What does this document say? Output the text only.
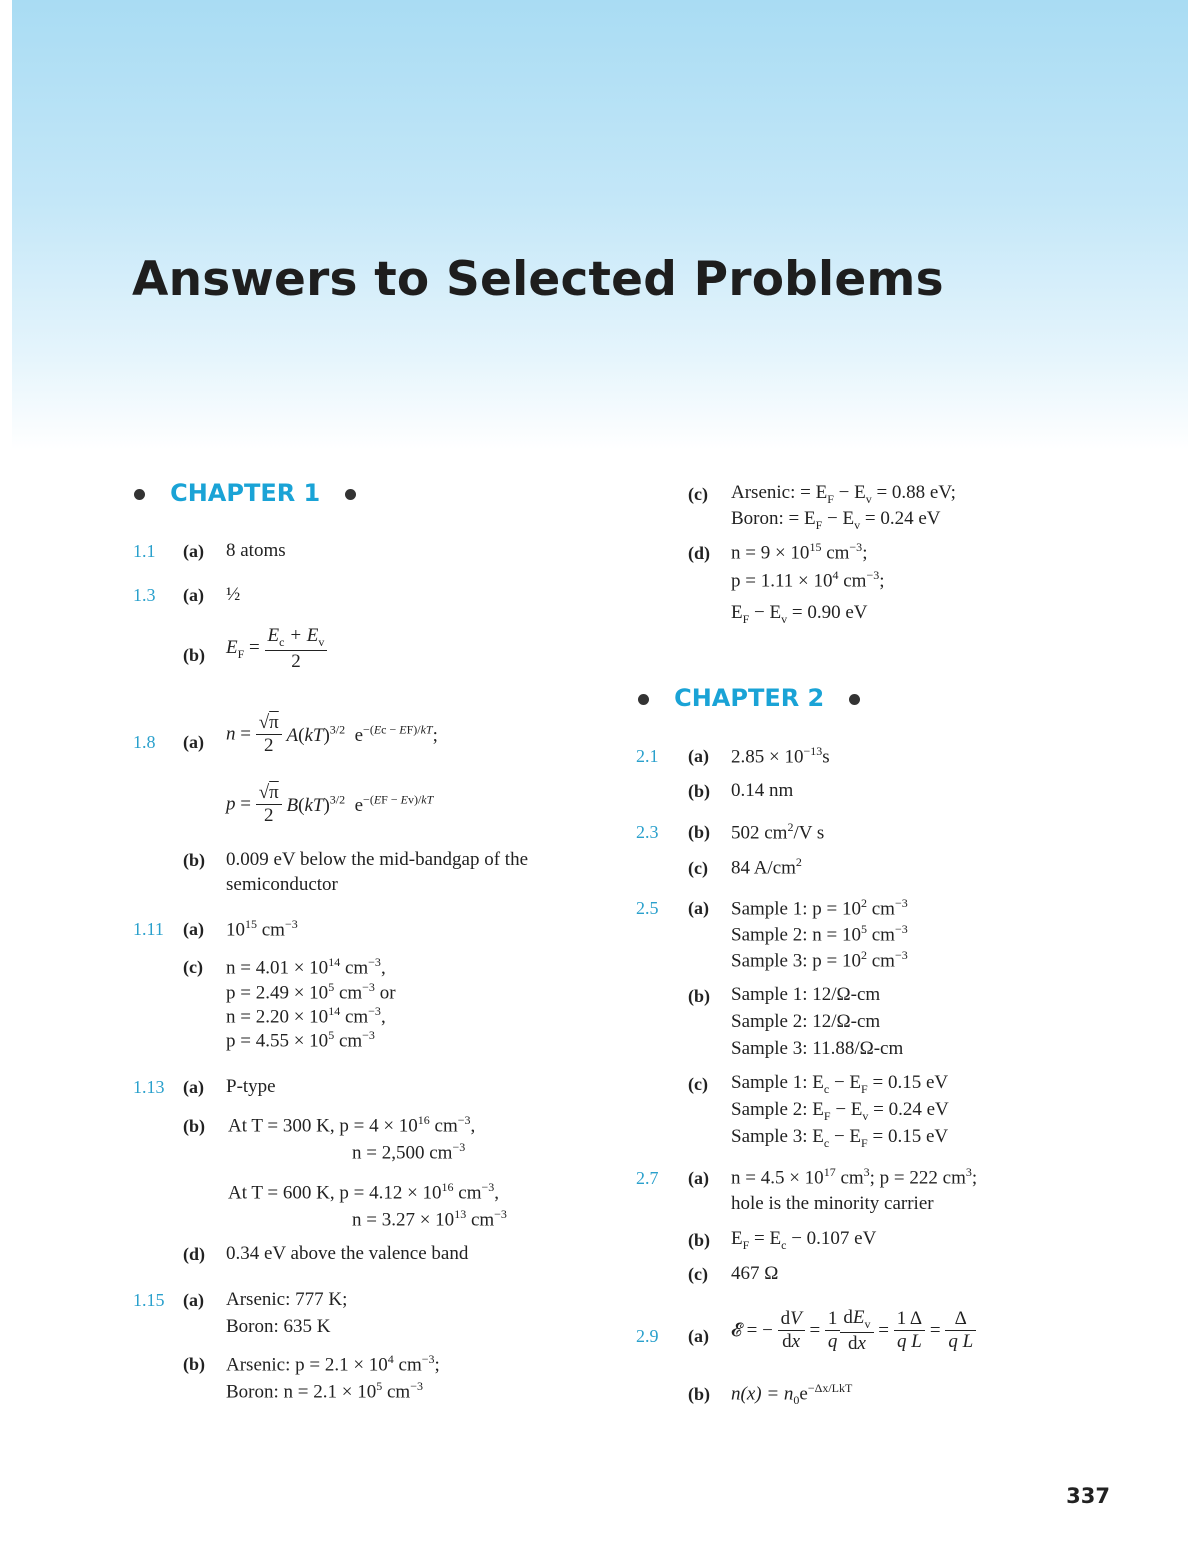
Answers to Selected Problems
CHAPTER 1
1.1 (a) 8 atoms
1.3 (a) ½
(b) $E_F = \frac{E_c + E_v}{2}$
1.8 (a) $n = \frac{√\pi}{2} A(kT)^{3/2}$  $e^{-(Ec - EF)/kT}$;
$p = \frac{√\pi}{2} B(kT)^{3/2}$  $e^{-(EF - Ev)/kT}$
(b) 0.009 eV below the mid-bandgap of the
semiconductor
1.11 (a) $10^{15}$ $cm^{-3}$
(c) $n = 4.01 \times 10^{14}$ $cm^{-3}$,
$p = 2.49 \times 10^5$ $cm^{-3}$ or
$n = 2.20 \times 10^{14}$ $cm^{-3}$,
$p = 4.55 \times 10^5$ $cm^{-3}$
1.13 (a) P-type
(b) At T = 300 K, $p = 4 \times 10^{16}$ $cm^{-3}$,
n = 2,500 $cm^{-3}$
At T = 600 K, $p = 4.12 \times 10^{16}$ $cm^{-3}$,
$n = 3.27 \times 10^{13}$ $cm^{-3}$
(d) 0.34 eV above the valence band
1.15 (a) Arsenic: 777 K;
Boron: 635 K
(b) Arsenic: $p = 2.1 \times 10^4$ $cm^{-3}$;
Boron: $n = 2.1 \times 10^5$ $cm^{-3}$
(c) Arsenic: = $E_F - E_v = 0.88$ eV;
Boron: = $E_F - E_v = 0.24$ eV
(d) $n = 9 \times 10^{15}$ $cm^{-3}$;
$p = 1.11 \times 10^4$ $cm^{-3}$;
$E_F - E_v = 0.90$ eV
CHAPTER 2
2.1 (a) $2.85 \times 10^{-13}s$
(b) 0.14 nm
2.3 (b) 502 $cm^2/V$ s
(c) 84 $A/cm^2$
2.5 (a) Sample 1: $p = 10^2$ $cm^{-3}$
Sample 2: $n = 10^5$ $cm^{-3}$
Sample 3: $p = 10^2$ $cm^{-3}$
(b) Sample 1: 12/Ω-cm
Sample 2: 12/Ω-cm
Sample 3: 11.88/Ω-cm
(c) Sample 1: $E_c - E_F = 0.15$ eV
Sample 2: $E_F - E_v = 0.24$ eV
Sample 3: $E_c - E_F = 0.15$ eV
2.7 (a) $n = 4.5 \times 10^{17}$ $cm^3$; p = 222 $cm^3$;
hole is the minority carrier
(b) $E_F = E_c - 0.107$ eV
(c) 467 Ω
2.9 (a) 𝓔 = − $\frac{dV}{dx} = \frac{1}{q} \frac{dE_v}{dx} = \frac{1 \Delta}{\text{q L}} = \frac{\Delta}{\text{q L}}$
(b) $n(x) = n_0e^{-\Delta x/LkT}$
337
